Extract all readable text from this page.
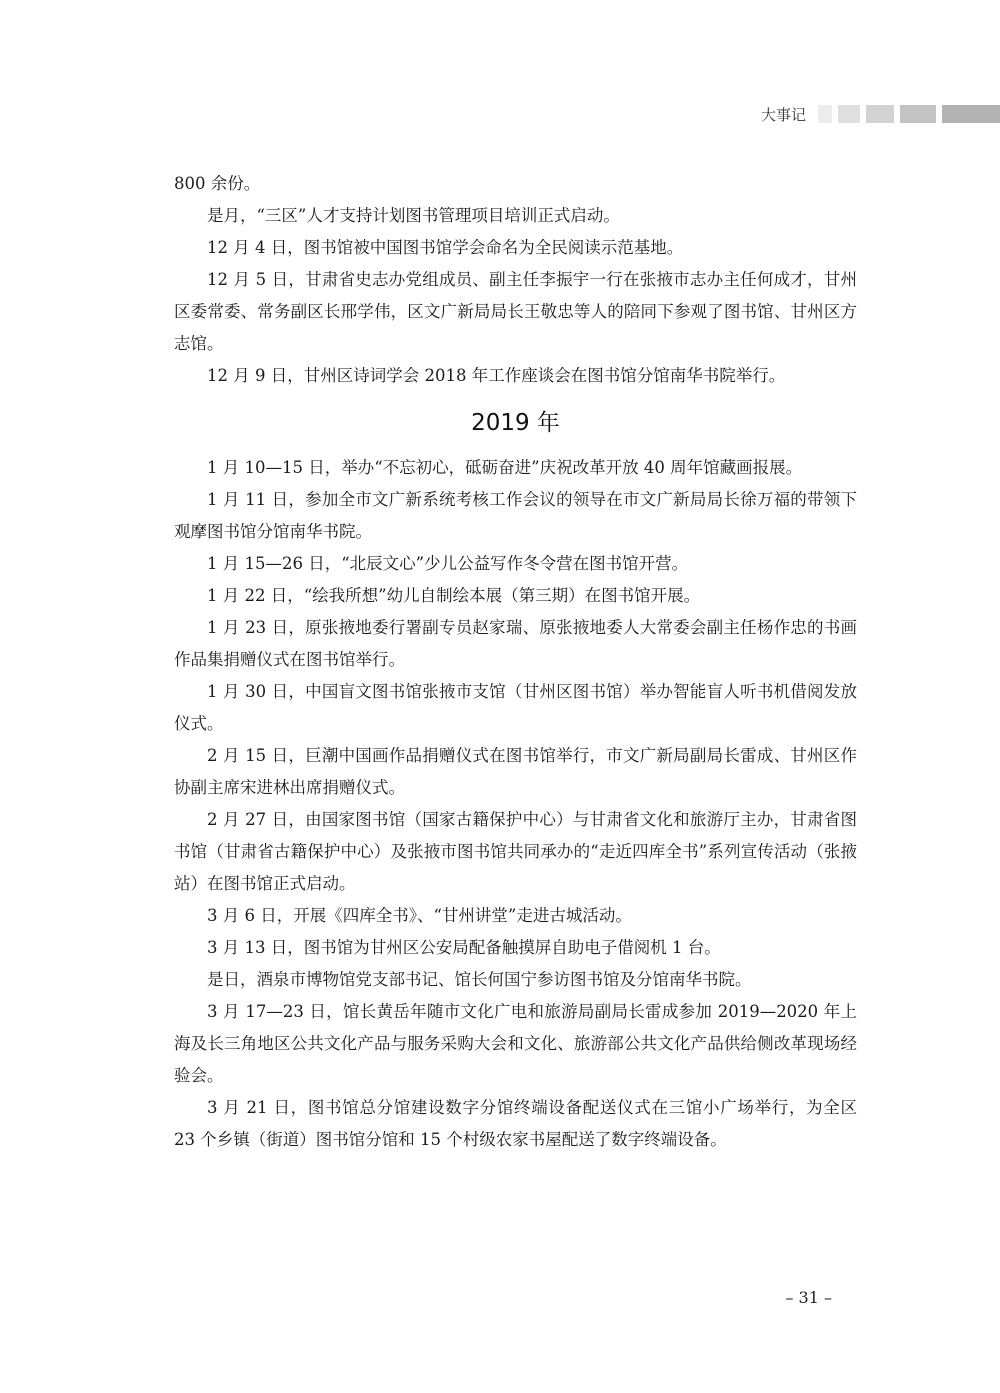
大事记

800 余份。

是月，“三区”人才支持计划图书管理项目培训正式启动。

12 月 4 日，图书馆被中国图书馆学会命名为全民阅读示范基地。

12 月 5 日，甘肃省史志办党组成员、副主任李振宇一行在张掖市志办主任何成才，甘州区委常委、常务副区长邢学伟，区文广新局局长王敬忠等人的陪同下参观了图书馆、甘州区方志馆。

12 月 9 日，甘州区诗词学会 2018 年工作座谈会在图书馆分馆南华书院举行。

2019 年

1 月 10—15 日，举办“不忘初心，砥砺奋进”庆祝改革开放 40 周年馆藏画报展。

1 月 11 日，参加全市文广新系统考核工作会议的领导在市文广新局局长徐万福的带领下观摩图书馆分馆南华书院。

1 月 15—26 日，“北辰文心”少儿公益写作冬令营在图书馆开营。

1 月 22 日，“绘我所想”幼儿自制绘本展（第三期）在图书馆开展。

1 月 23 日，原张掖地委行署副专员赵家瑞、原张掖地委人大常委会副主任杨作忠的书画作品集捐赠仪式在图书馆举行。

1 月 30 日，中国盲文图书馆张掖市支馆（甘州区图书馆）举办智能盲人听书机借阅发放仪式。

2 月 15 日，巨潮中国画作品捐赠仪式在图书馆举行，市文广新局副局长雷成、甘州区作协副主席宋进林出席捐赠仪式。

2 月 27 日，由国家图书馆（国家古籍保护中心）与甘肃省文化和旅游厅主办，甘肃省图书馆（甘肃省古籍保护中心）及张掖市图书馆共同承办的“走近四库全书”系列宣传活动（张掖站）在图书馆正式启动。

3 月 6 日，开展《四库全书》、“甘州讲堂”走进古城活动。

3 月 13 日，图书馆为甘州区公安局配备触摸屏自助电子借阅机 1 台。

是日，酒泉市博物馆党支部书记、馆长何国宁参访图书馆及分馆南华书院。

3 月 17—23 日，馆长黄岳年随市文化广电和旅游局副局长雷成参加 2019—2020 年上海及长三角地区公共文化产品与服务采购大会和文化、旅游部公共文化产品供给侧改革现场经验会。

3 月 21 日，图书馆总分馆建设数字分馆终端设备配送仪式在三馆小广场举行，为全区 23 个乡镇（街道）图书馆分馆和 15 个村级农家书屋配送了数字终端设备。

– 31 –
